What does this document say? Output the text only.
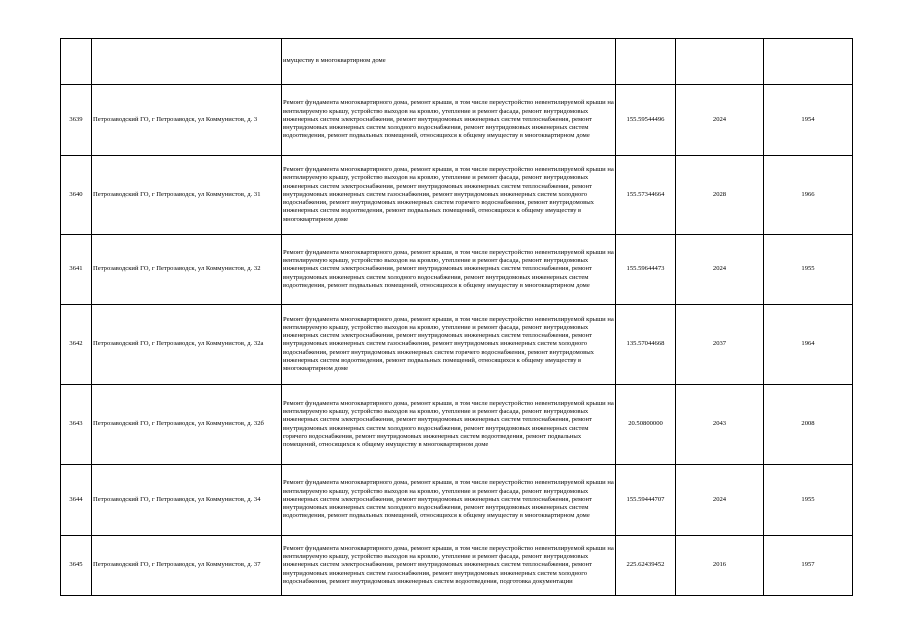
		имуществу в многоквартирном доме			
3639	Петрозаводский ГО, г Петрозаводск, ул Коммунистов, д. 3	Ремонт фундамента многоквартирного дома, ремонт крыши, в том числе переустройство невентилируемой крыши на вентилируемую крышу, устройство выходов на кровлю, утепление и ремонт фасада, ремонт внутридомовых инженерных систем электроснабжения, ремонт внутридомовых инженерных систем теплоснабжения, ремонт внутридомовых инженерных систем холодного водоснабжения, ремонт внутридомовых инженерных систем водоотведения, ремонт подвальных помещений, относящихся к общему имуществу в многоквартирном доме	155.59544496	2024	1954
3640	Петрозаводский ГО, г Петрозаводск, ул Коммунистов, д. 31	Ремонт фундамента многоквартирного дома, ремонт крыши, в том числе переустройство невентилируемой крыши на вентилируемую крышу, устройство выходов на кровлю, утепление и ремонт фасада, ремонт внутридомовых инженерных систем электроснабжения, ремонт внутридомовых инженерных систем теплоснабжения, ремонт внутридомовых инженерных систем газоснабжения, ремонт внутридомовых инженерных систем холодного водоснабжения, ремонт внутридомовых инженерных систем горячего водоснабжения, ремонт внутридомовых инженерных систем водоотведения, ремонт подвальных помещений, относящихся к общему имуществу в многоквартирном доме	155.57344664	2028	1966
3641	Петрозаводский ГО, г Петрозаводск, ул Коммунистов, д. 32	Ремонт фундамента многоквартирного дома, ремонт крыши, в том числе переустройство невентилируемой крыши на вентилируемую крышу, устройство выходов на кровлю, утепление и ремонт фасада, ремонт внутридомовых инженерных систем электроснабжения, ремонт внутридомовых инженерных систем теплоснабжения, ремонт внутридомовых инженерных систем холодного водоснабжения, ремонт внутридомовых инженерных систем водоотведения, ремонт подвальных помещений, относящихся к общему имуществу в многоквартирном доме	155.59644473	2024	1955
3642	Петрозаводский ГО, г Петрозаводск, ул Коммунистов, д. 32а	Ремонт фундамента многоквартирного дома, ремонт крыши, в том числе переустройство невентилируемой крыши на вентилируемую крышу, устройство выходов на кровлю, утепление и ремонт фасада, ремонт внутридомовых инженерных систем электроснабжения, ремонт внутридомовых инженерных систем теплоснабжения, ремонт внутридомовых инженерных систем газоснабжения, ремонт внутридомовых инженерных систем холодного водоснабжения, ремонт внутридомовых инженерных систем горячего водоснабжения, ремонт внутридомовых инженерных систем водоотведения, ремонт подвальных помещений, относящихся к общему имуществу в многоквартирном доме	135.57044668	2037	1964
3643	Петрозаводский ГО, г Петрозаводск, ул Коммунистов, д. 32б	Ремонт фундамента многоквартирного дома, ремонт крыши, в том числе переустройство невентилируемой крыши на вентилируемую крышу, устройство выходов на кровлю, утепление и ремонт фасада, ремонт внутридомовых инженерных систем электроснабжения, ремонт внутридомовых инженерных систем теплоснабжения, ремонт внутридомовых инженерных систем холодного водоснабжения, ремонт внутридомовых инженерных систем горячего водоснабжения, ремонт внутридомовых инженерных систем водоотведения, ремонт подвальных помещений, относящихся к общему имуществу в многоквартирном доме	20.50800000	2043	2008
3644	Петрозаводский ГО, г Петрозаводск, ул Коммунистов, д. 34	Ремонт фундамента многоквартирного дома, ремонт крыши, в том числе переустройство невентилируемой крыши на вентилируемую крышу, устройство выходов на кровлю, утепление и ремонт фасада, ремонт внутридомовых инженерных систем электроснабжения, ремонт внутридомовых инженерных систем теплоснабжения, ремонт внутридомовых инженерных систем холодного водоснабжения, ремонт внутридомовых инженерных систем водоотведения, ремонт подвальных помещений, относящихся к общему имуществу в многоквартирном доме	155.59444707	2024	1955
3645	Петрозаводский ГО, г Петрозаводск, ул Коммунистов, д. 37	Ремонт фундамента многоквартирного дома, ремонт крыши, в том числе переустройство невентилируемой крыши на вентилируемую крышу, устройство выходов на кровлю, утепление и ремонт фасада, ремонт внутридомовых инженерных систем электроснабжения, ремонт внутридомовых инженерных систем теплоснабжения, ремонт внутридомовых инженерных систем газоснабжения, ремонт внутридомовых инженерных систем холодного водоснабжения, ремонт внутридомовых инженерных систем водоотведения, подготовка документации	225.62439452	2016	1957
